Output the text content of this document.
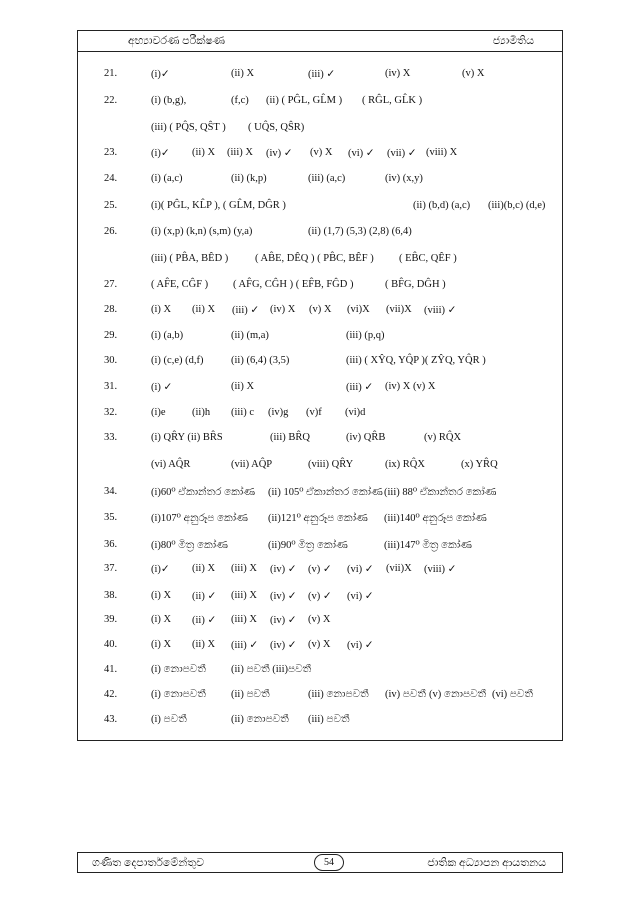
අභ්‍යාවරණ පරීක්ෂණ	ජ්‍යාමිතිය
21.	(i)✓	(ii) X	(iii) ✓	(iv) X	(v) X
22.	(i) (b,g),	(f,c) (ii) ( PĜL, GL̂M ) ( RĜL, GL̂K )
(iii) ( PQ̂S, QŜT ) ( UQ̂S, QŜR)
23.	(i)✓ (ii) X (iii) X (iv) ✓ (v) X (vi) ✓ (vii) ✓ (viii) X
24.	(i) (a,c)	(ii) (k,p)	(iii) (a,c)	(iv) (x,y)
25.	(i)( PĜL, KL̂P ), ( GL̂M, DĜR )	(ii) (b,d) (a,c) (iii)(b,c) (d,e)
26.	(i) (x,p) (k,n) (s,m) (y,a)	(ii) (1,7) (5,3) (2,8) (6,4)
(iii) ( PB̂A, BÊD )	( AB̂E, DÊQ ) ( PB̂C, BÊF ) ( EB̂C, QÊF )
27.	( AF̂E, CĜF ) ( AF̂G, CĜH ) ( EF̂B, FĜD )	( BF̂G, DĜH )
28.	(i) X (ii) X (iii) ✓ (iv) X (v) X (vi)X (vii)X (viii) ✓
29.	(i) (a,b)	(ii) (m,a)	(iii) (p,q)
30.	(i) (c,e) (d,f)	(ii) (6,4) (3,5)	(iii) ( XŶQ, YQ̂P )( ZŶQ, YQ̂R )
31.	(i) ✓	(ii) X	(iii) ✓ (iv) X (v) X
32.	(i)e	(ii)h (iii) c (iv)g (v)f (vi)d
33.	(i) QR̂Y (ii) BR̂S	(iii) BR̂Q	(iv) QR̂B	(v) RQ̂X
(vi) AQ̂R	(vii) AQ̂P	(viii) QR̂Y	(ix) RQ̂X	(x) YR̂Q
34.	(i)60⁰ ඒකාන්තර කෝණ (ii) 105⁰ ඒකාන්තර කෝණ (iii) 88⁰ ඒකාන්තර කෝණ
35.	(i)107⁰ අනුරූප කෝණ (ii)121⁰ අනුරූප කෝණ (iii)140⁰ අනුරූප කෝණ
36.	(i)80⁰ මිත්‍ර කෝණ	(ii)90⁰ මිත්‍ර කෝණ	(iii)147⁰ මිත්‍ර කෝණ
37.	(i)✓ (ii) X (iii) X (iv) ✓ (v) ✓ (vi) ✓ (vii)X (viii) ✓
38.	(i) X (ii) ✓ (iii) X (iv) ✓ (v) ✓ (vi) ✓
39.	(i) X (ii) ✓ (iii) X (iv) ✓ (v) X
40.	(i) X (ii) X (iii) ✓ (iv) ✓ (v) X (vi) ✓
41.	(i) නොපවතී (ii) පවතී (iii)පවතී
42.	(i) නොපවතී (ii) පවතී	(iii) නොපවතී (iv) පවතී (v) නොපවතී (vi) පවතී
43.	(i) පවතී	(ii) නොපවතී (iii) පවතී
ගණිත දෙපාර්තමේන්තුව	54	ජාතික අධ්‍යාපන ආයතනය
